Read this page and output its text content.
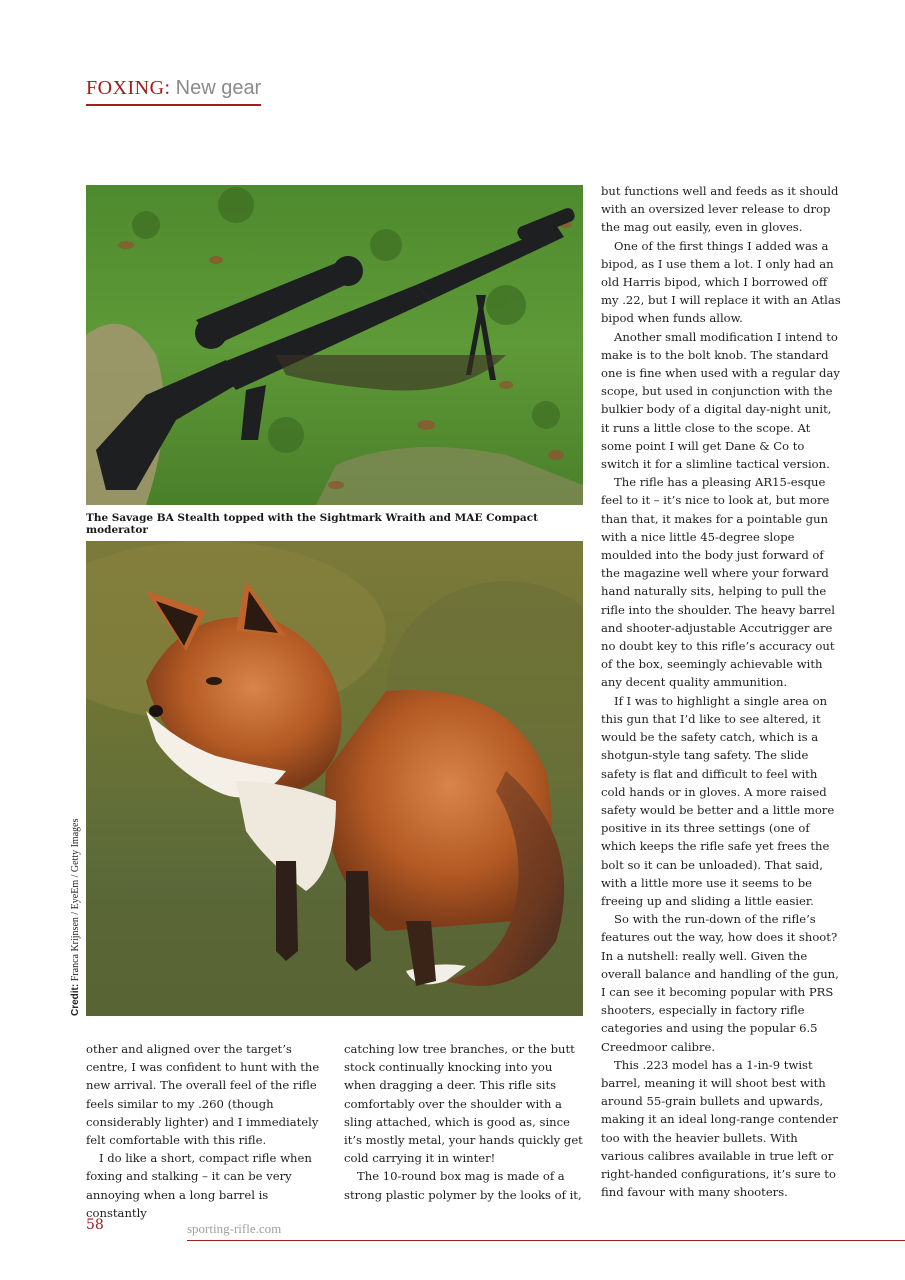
FOXING: New gear
The Savage BA Stealth topped with the Sightmark Wraith and MAE Compact moderator
Credit: Franca Krijnsen / EyeEm / Getty Images

other and aligned over the target’s centre, I was confident to hunt with the new arrival. The overall feel of the rifle feels similar to my .260 (though considerably lighter) and I immediately felt comfortable with this rifle.

I do like a short, compact rifle when foxing and stalking – it can be very annoying when a long barrel is constantly

catching low tree branches, or the butt stock continually knocking into you when dragging a deer. This rifle sits comfortably over the shoulder with a sling attached, which is good as, since it’s mostly metal, your hands quickly get cold carrying it in winter!

The 10-round box mag is made of a strong plastic polymer by the looks of it,

but functions well and feeds as it should with an oversized lever release to drop the mag out easily, even in gloves.

One of the first things I added was a bipod, as I use them a lot. I only had an old Harris bipod, which I borrowed off my .22, but I will replace it with an Atlas bipod when funds allow.

Another small modification I intend to make is to the bolt knob. The standard one is fine when used with a regular day scope, but used in conjunction with the bulkier body of a digital day-night unit, it runs a little close to the scope. At some point I will get Dane & Co to switch it for a slimline tactical version.

The rifle has a pleasing AR15-esque feel to it – it’s nice to look at, but more than that, it makes for a pointable gun with a nice little 45-degree slope moulded into the body just forward of the magazine well where your forward hand naturally sits, helping to pull the rifle into the shoulder. The heavy barrel and shooter-adjustable Accutrigger are no doubt key to this rifle’s accuracy out of the box, seemingly achievable with any decent quality ammunition.

If I was to highlight a single area on this gun that I’d like to see altered, it would be the safety catch, which is a shotgun-style tang safety. The slide safety is flat and difficult to feel with cold hands or in gloves. A more raised safety would be better and a little more positive in its three settings (one of which keeps the rifle safe yet frees the bolt so it can be unloaded). That said, with a little more use it seems to be freeing up and sliding a little easier.

So with the run-down of the rifle’s features out the way, how does it shoot? In a nutshell: really well. Given the overall balance and handling of the gun, I can see it becoming popular with PRS shooters, especially in factory rifle categories and using the popular 6.5 Creedmoor calibre.

This .223 model has a 1-in-9 twist barrel, meaning it will shoot best with around 55-grain bullets and upwards, making it an ideal long-range contender too with the heavier bullets. With various calibres available in true left or right-handed configurations, it’s sure to find favour with many shooters.

58	sporting-rifle.com
